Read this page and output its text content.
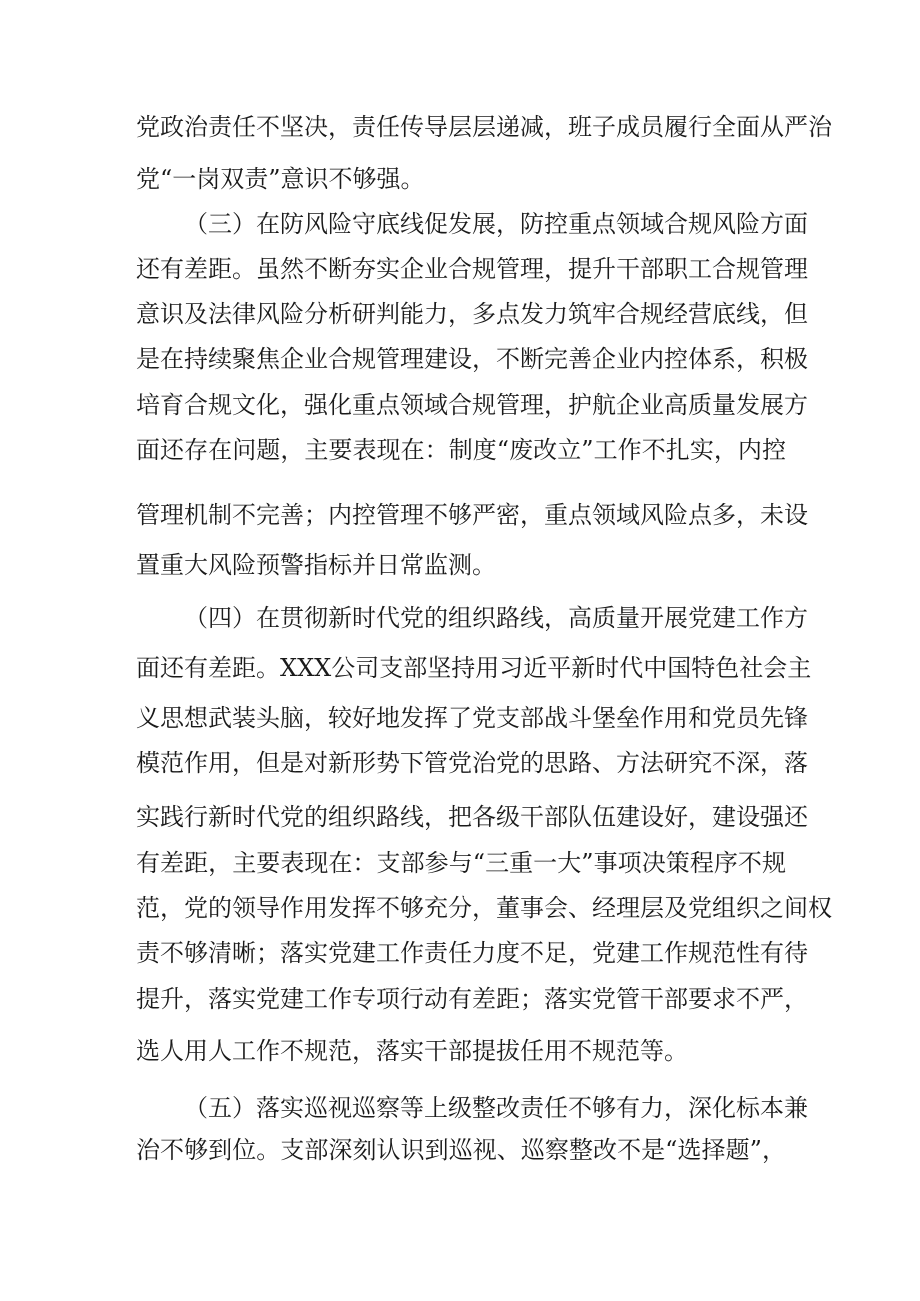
党政治责任不坚决，责任传导层层递减，班子成员履行全面从严治
党“一岗双责”意识不够强。
（三）在防风险守底线促发展，防控重点领域合规风险方面
还有差距。虽然不断夯实企业合规管理，提升干部职工合规管理
意识及法律风险分析研判能力，多点发力筑牢合规经营底线，但
是在持续聚焦企业合规管理建设，不断完善企业内控体系，积极
培育合规文化，强化重点领域合规管理，护航企业高质量发展方
面还存在问题，主要表现在：制度“废改立”工作不扎实，内控
管理机制不完善；内控管理不够严密，重点领域风险点多，未设
置重大风险预警指标并日常监测。
（四）在贯彻新时代党的组织路线，高质量开展党建工作方
面还有差距。XXX公司支部坚持用习近平新时代中国特色社会主
义思想武装头脑，较好地发挥了党支部战斗堡垒作用和党员先锋
模范作用，但是对新形势下管党治党的思路、方法研究不深，落
实践行新时代党的组织路线，把各级干部队伍建设好，建设强还
有差距，主要表现在：支部参与“三重一大”事项决策程序不规
范，党的领导作用发挥不够充分，董事会、经理层及党组织之间权
责不够清晰；落实党建工作责任力度不足，党建工作规范性有待
提升，落实党建工作专项行动有差距；落实党管干部要求不严，
选人用人工作不规范，落实干部提拔任用不规范等。
（五）落实巡视巡察等上级整改责任不够有力，深化标本兼
治不够到位。支部深刻认识到巡视、巡察整改不是“选择题”，
